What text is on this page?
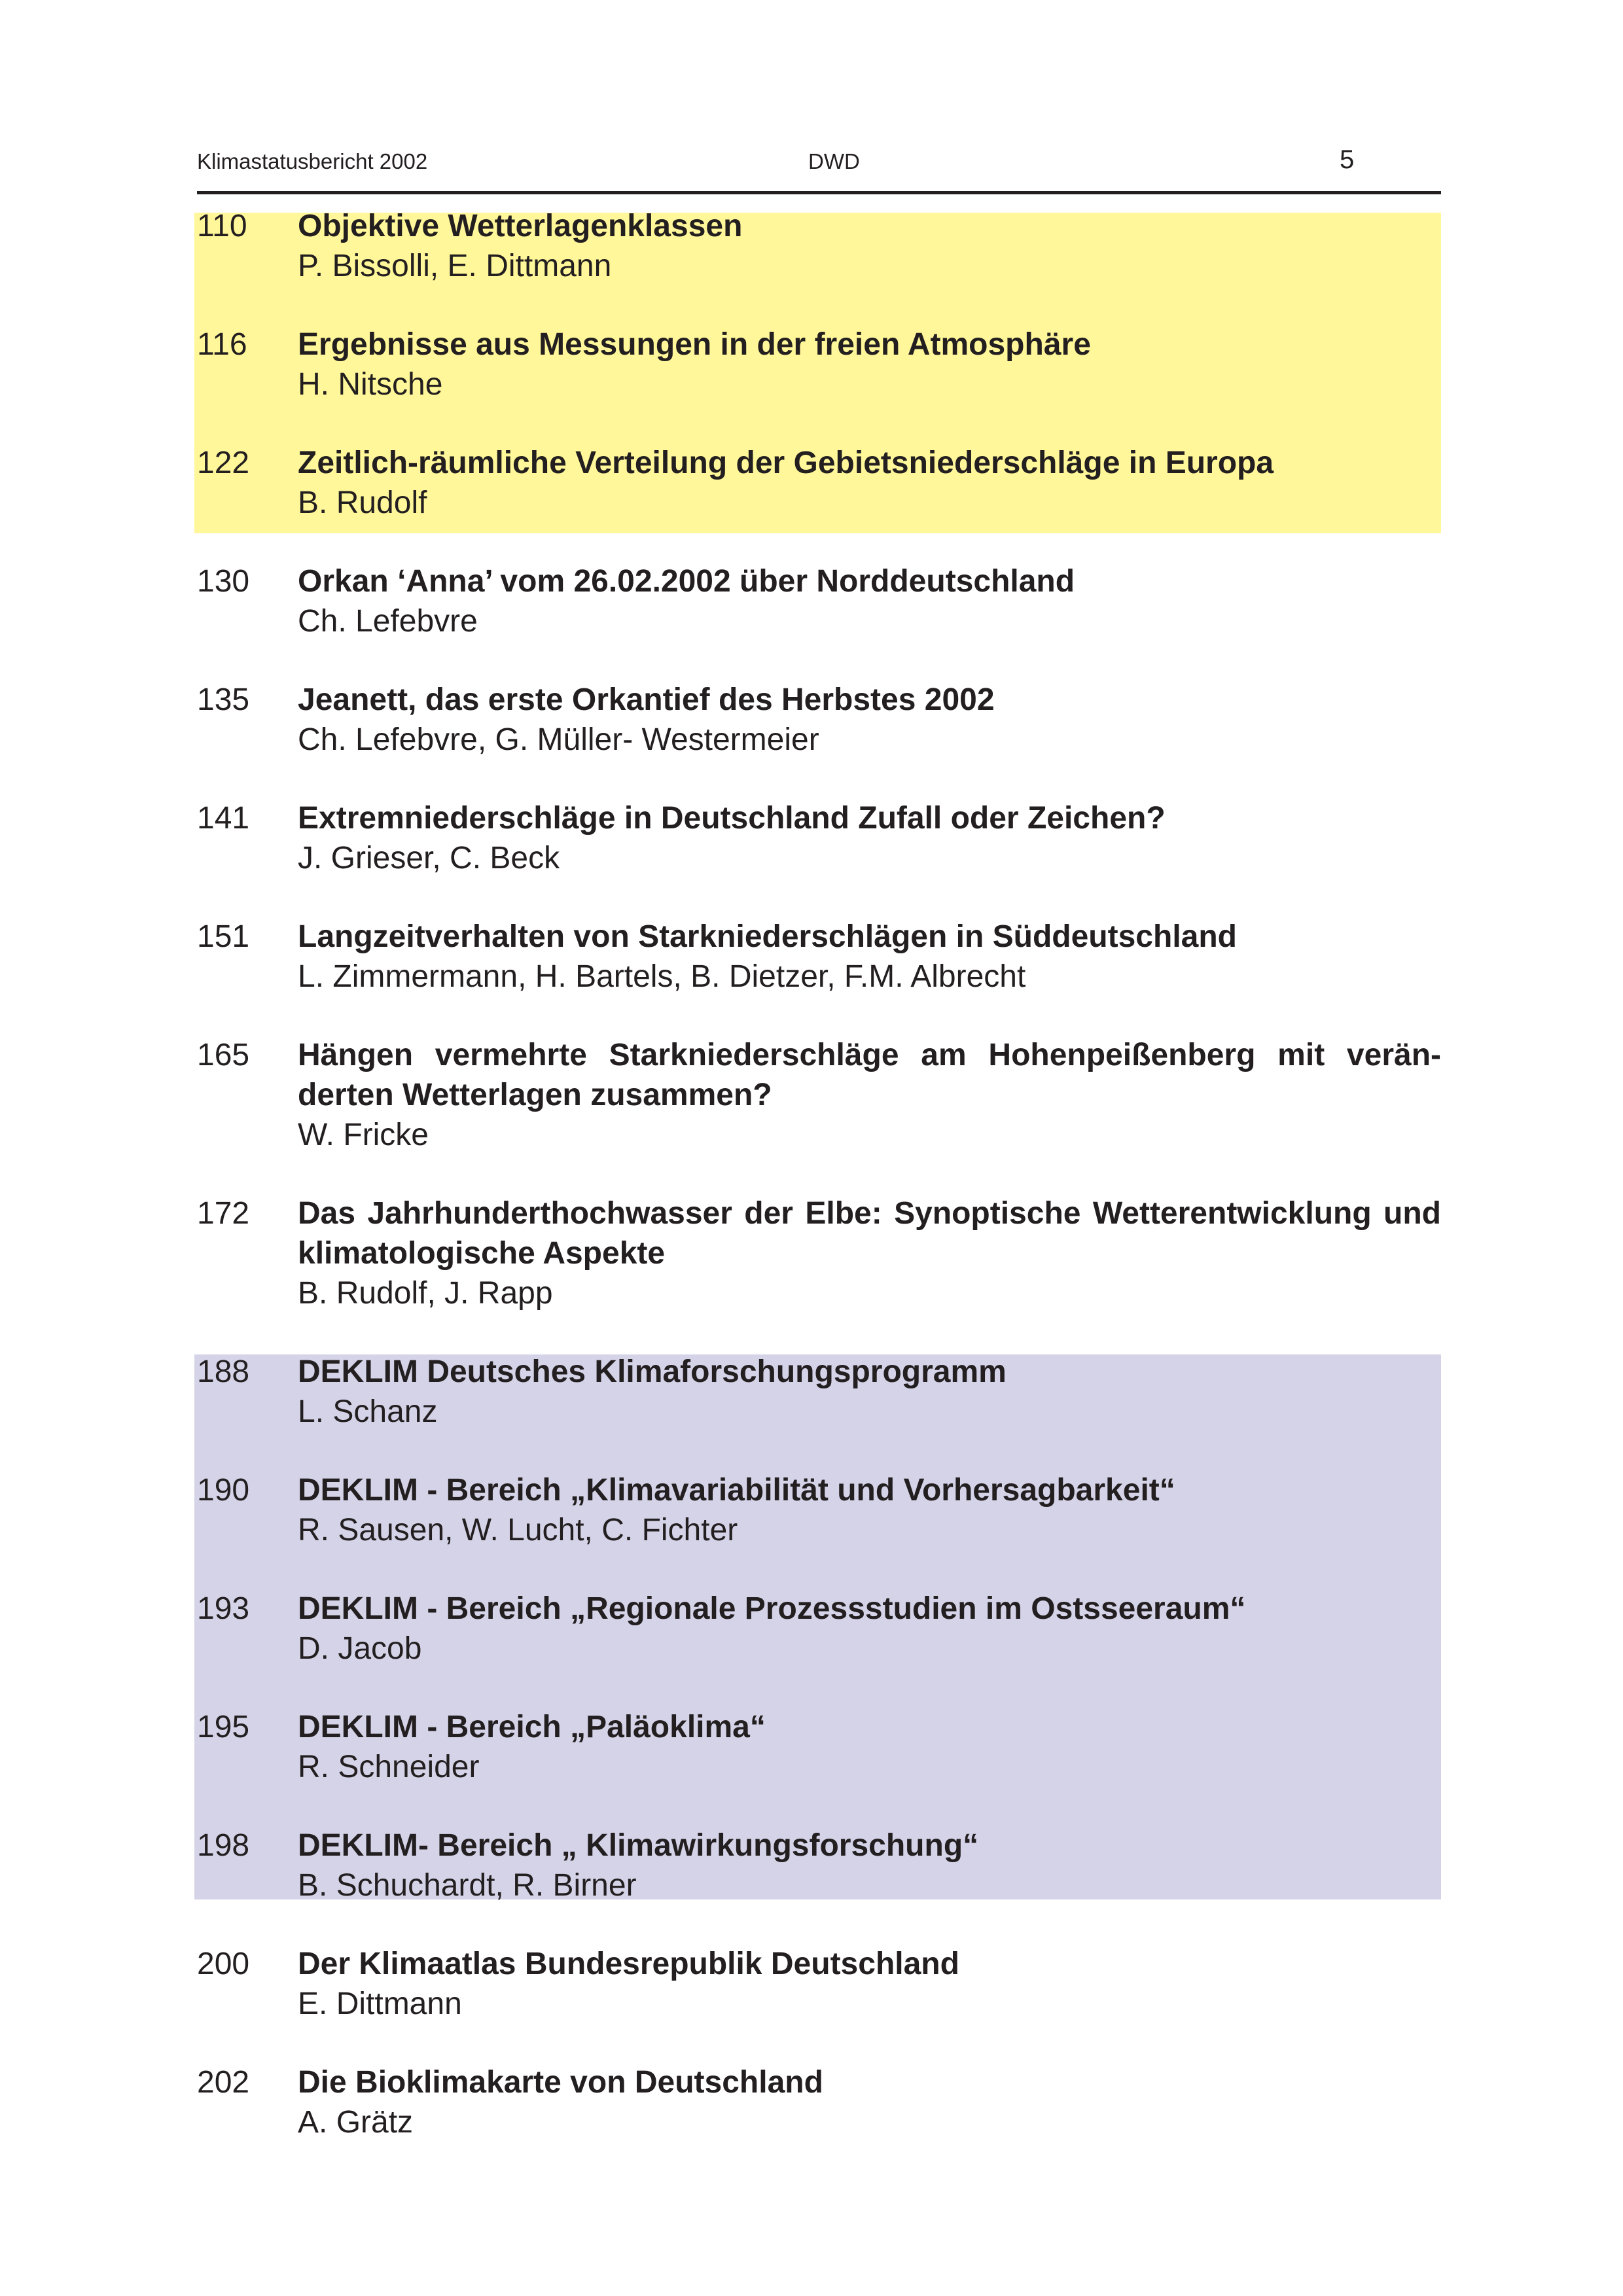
Klimastatusbericht 2002	DWD	5
110	Objektive Wetterlagenklassen
P. Bissolli, E. Dittmann
116	Ergebnisse aus Messungen in der freien Atmosphäre
H. Nitsche
122	Zeitlich-räumliche Verteilung der Gebietsniederschläge in Europa
B. Rudolf
130	Orkan ‘Anna’ vom 26.02.2002 über Norddeutschland
Ch. Lefebvre
135	Jeanett, das erste Orkantief des Herbstes 2002
Ch. Lefebvre, G. Müller- Westermeier
141	Extremniederschläge in Deutschland Zufall oder Zeichen?
J. Grieser, C. Beck
151	Langzeitverhalten von Starkniederschlägen in Süddeutschland
L. Zimmermann, H. Bartels, B. Dietzer, F.M. Albrecht
165	Hängen vermehrte Starkniederschläge am Hohenpeißenberg mit verän-derten Wetterlagen zusammen?
W. Fricke
172	Das Jahrhunderthochwasser der Elbe: Synoptische Wetterentwicklung und klimatologische Aspekte
B. Rudolf, J. Rapp
188	DEKLIM Deutsches Klimaforschungsprogramm
L. Schanz
190	DEKLIM - Bereich „Klimavariabilität und Vorhersagbarkeit“
R. Sausen, W. Lucht, C. Fichter
193	DEKLIM - Bereich „Regionale Prozessstudien im Ostsseeraum“
D. Jacob
195	DEKLIM - Bereich „Paläoklima“
R. Schneider
198	DEKLIM- Bereich „ Klimawirkungsforschung“
B. Schuchardt, R. Birner
200	Der Klimaatlas Bundesrepublik Deutschland
E. Dittmann
202	Die Bioklimakarte von Deutschland
A. Grätz
